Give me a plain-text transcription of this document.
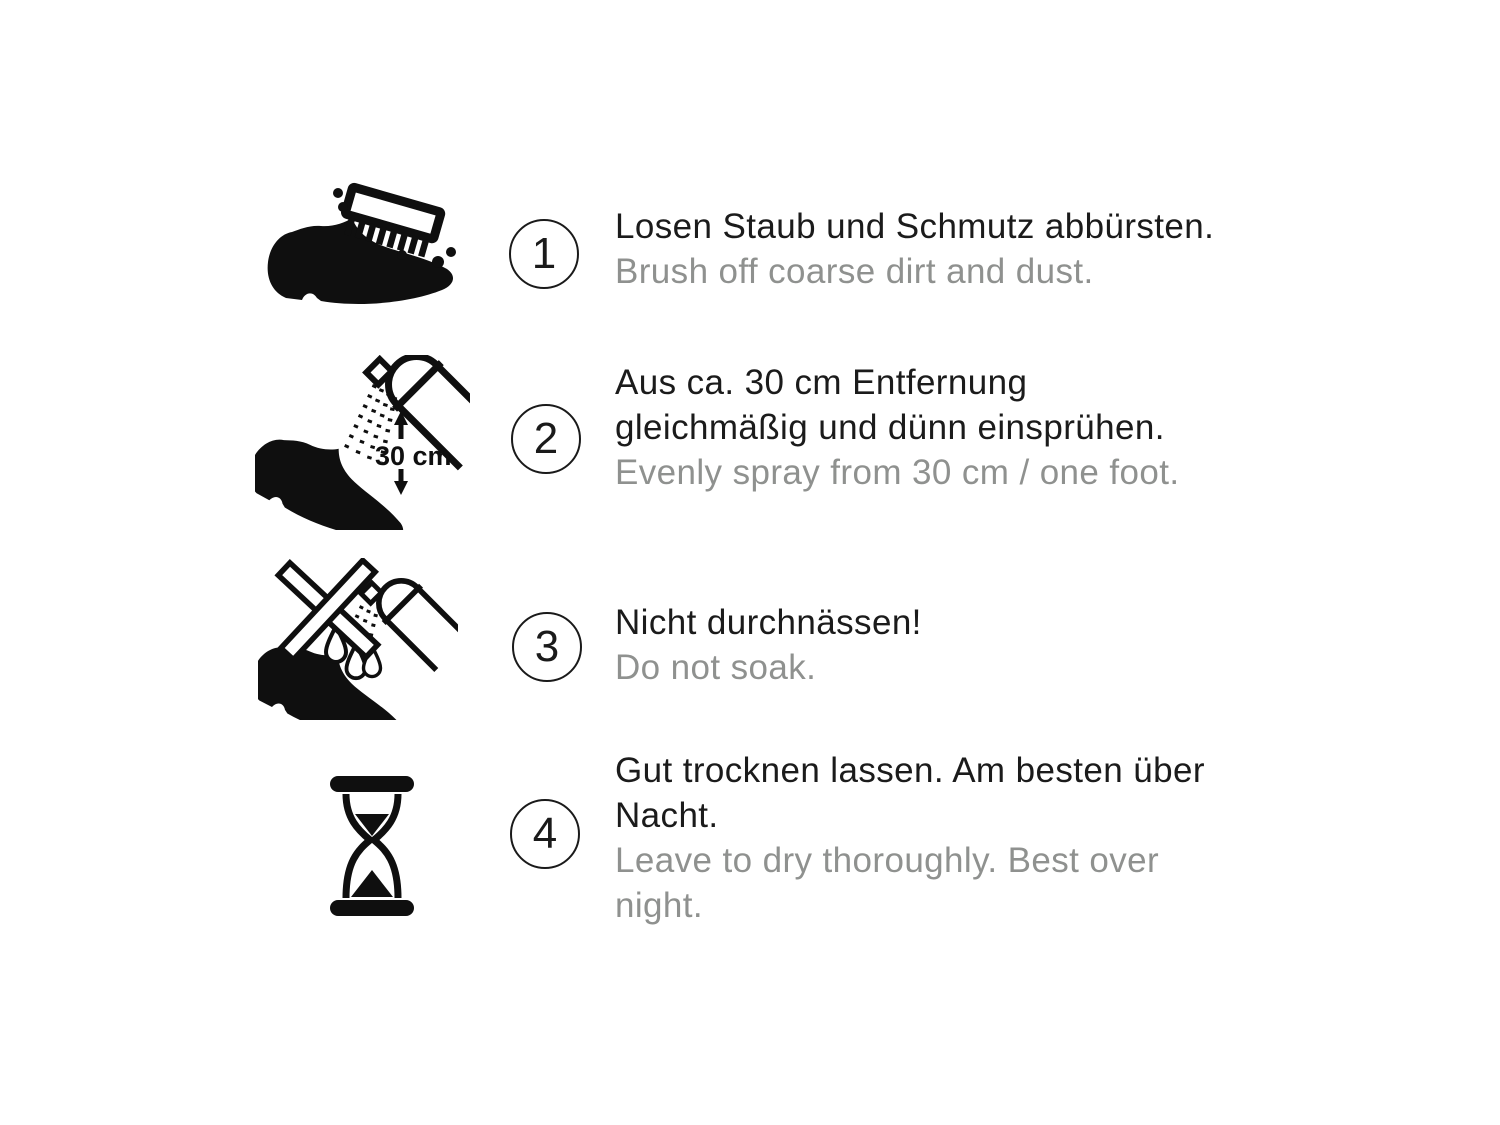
1
Losen Staub und Schmutz abbürsten.
Brush off coarse dirt and dust.
30 cm 2
Aus ca. 30 cm Entfernung
gleichmäßig und dünn einsprühen.
Evenly spray from 30 cm / one foot.
3 Nicht durchnässen!
Do not soak.
4
Gut trocknen lassen. Am besten über
Nacht.
Leave to dry thoroughly. Best over
night.
